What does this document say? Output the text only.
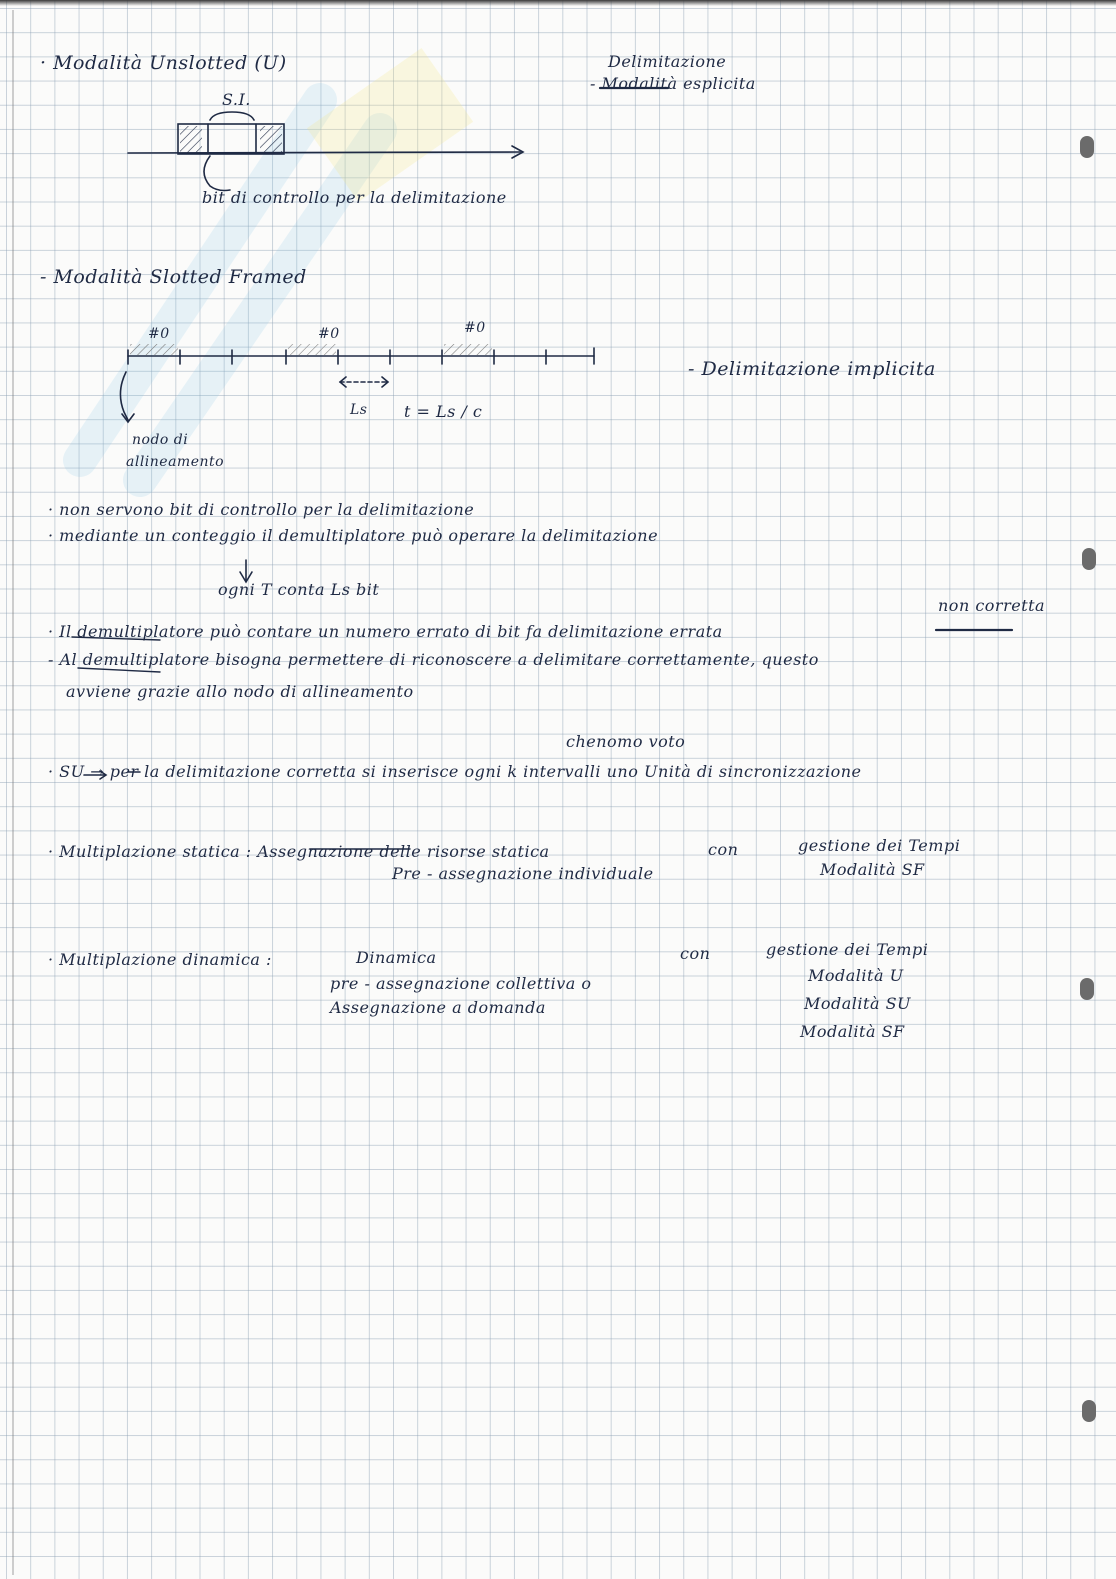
· Modalità Unslotted (U)
S.I.
bit di controllo per la delimitazione
Delimitazione
- Modalità esplicita
- Modalità Slotted Framed
#0	#0	#0
Ls t = Ls / c
nodo di
allineamento
- Delimitazione implicita
· non servono bit di controllo per la delimitazione
· mediante un conteggio il demultiplatore può operare la delimitazione
ogni T conta Ls bit
non corretta
· Il demultiplatore può contare un numero errato di bit fa delimitazione errata
- Al demultiplatore bisogna permettere di riconoscere a delimitare correttamente, questo
avviene grazie allo nodo di allineamento
chenomo voto
· SU → per la delimitazione corretta si inserisce ogni k intervalli uno Unità di sincronizzazione
· Multiplazione statica : Assegnazione delle risorse statica
Pre - assegnazione individuale
con	gestione dei Tempi
Modalità SF
· Multiplazione dinamica :	Dinamica
pre - assegnazione collettiva o
Assegnazione a domanda
con	gestione dei Tempi
Modalità U
Modalità SU
Modalità SF
